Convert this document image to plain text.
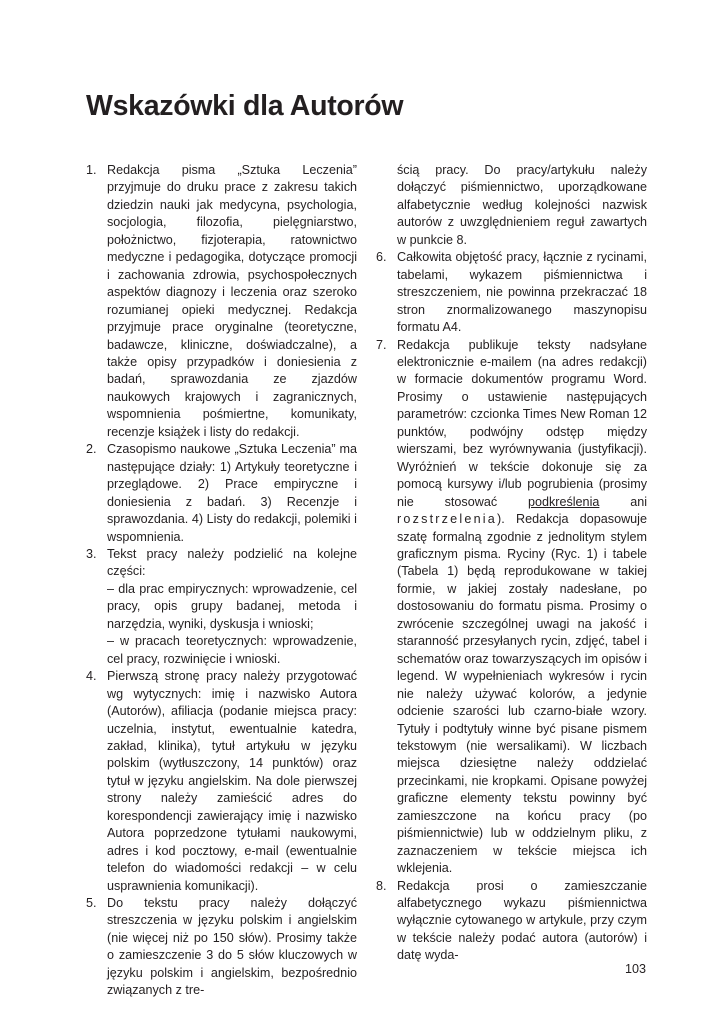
Wskazówki dla Autorów
1. Redakcja pisma „Sztuka Leczenia” przyjmuje do druku prace z zakresu takich dziedzin nauki jak medycyna, psychologia, socjologia, filozofia, pielęgniarstwo, położnictwo, fizjoterapia, ratownictwo medyczne i pedagogika, dotyczące promocji i zachowania zdrowia, psychospołecznych aspektów diagnozy i leczenia oraz szeroko rozumianej opieki medycznej. Redakcja przyjmuje prace oryginalne (teoretyczne, badawcze, kliniczne, doświadczalne), a także opisy przypadków i doniesienia z badań, sprawozdania ze zjazdów naukowych krajowych i zagranicznych, wspomnienia pośmiertne, komunikaty, recenzje książek i listy do redakcji.
2. Czasopismo naukowe „Sztuka Leczenia” ma następujące działy: 1) Artykuły teoretyczne i przeglądowe. 2) Prace empiryczne i doniesienia z badań. 3) Recenzje i sprawozdania. 4) Listy do redakcji, polemiki i wspomnienia.
3. Tekst pracy należy podzielić na kolejne części:
– dla prac empirycznych: wprowadzenie, cel pracy, opis grupy badanej, metoda i narzędzia, wyniki, dyskusja i wnioski;
– w pracach teoretycznych: wprowadzenie, cel pracy, rozwinięcie i wnioski.
4. Pierwszą stronę pracy należy przygotować wg wytycznych: imię i nazwisko Autora (Autorów), afiliacja (podanie miejsca pracy: uczelnia, instytut, ewentualnie katedra, zakład, klinika), tytuł artykułu w języku polskim (wytłuszczony, 14 punktów) oraz tytuł w języku angielskim. Na dole pierwszej strony należy zamieścić adres do korespondencji zawierający imię i nazwisko Autora poprzedzone tytułami naukowymi, adres i kod pocztowy, e-mail (ewentualnie telefon do wiadomości redakcji – w celu usprawnienia komunikacji).
5. Do tekstu pracy należy dołączyć streszczenia w języku polskim i angielskim (nie więcej niż po 150 słów). Prosimy także o zamieszczenie 3 do 5 słów kluczowych w języku polskim i angielskim, bezpośrednio związanych z tre-
ścią pracy. Do pracy/artykułu należy dołączyć piśmiennictwo, uporządkowane alfabetycznie według kolejności nazwisk autorów z uwzględnieniem reguł zawartych w punkcie 8.
6. Całkowita objętość pracy, łącznie z rycinami, tabelami, wykazem piśmiennictwa i streszczeniem, nie powinna przekraczać 18 stron znormalizowanego maszynopisu formatu A4.
7. Redakcja publikuje teksty nadsyłane elektronicznie e-mailem (na adres redakcji) w formacie dokumentów programu Word. Prosimy o ustawienie następujących parametrów: czcionka Times New Roman 12 punktów, podwójny odstęp między wierszami, bez wyrównywania (justyfikacji). Wyróżnień w tekście dokonuje się za pomocą kursywy i/lub pogrubienia (prosimy nie stosować podkreślenia ani rozstrzelenia). Redakcja dopasowuje szatę formalną zgodnie z jednolitym stylem graficznym pisma. Ryciny (Ryc. 1) i tabele (Tabela 1) będą reprodukowane w takiej formie, w jakiej zostały nadesłane, po dostosowaniu do formatu pisma. Prosimy o zwrócenie szczególnej uwagi na jakość i staranność przesyłanych rycin, zdjęć, tabel i schematów oraz towarzyszących im opisów i legend. W wypełnieniach wykresów i rycin nie należy używać kolorów, a jedynie odcienie szarości lub czarno-białe wzory. Tytuły i podtytuły winne być pisane pismem tekstowym (nie wersalikami). W liczbach miejsca dziesiętne należy oddzielać przecinkami, nie kropkami. Opisane powyżej graficzne elementy tekstu powinny być zamieszczone na końcu pracy (po piśmiennictwie) lub w oddzielnym pliku, z zaznaczeniem w tekście miejsca ich wklejenia.
8. Redakcja prosi o zamieszczanie alfabetycznego wykazu piśmiennictwa wyłącznie cytowanego w artykule, przy czym w tekście należy podać autora (autorów) i datę wyda-
103
